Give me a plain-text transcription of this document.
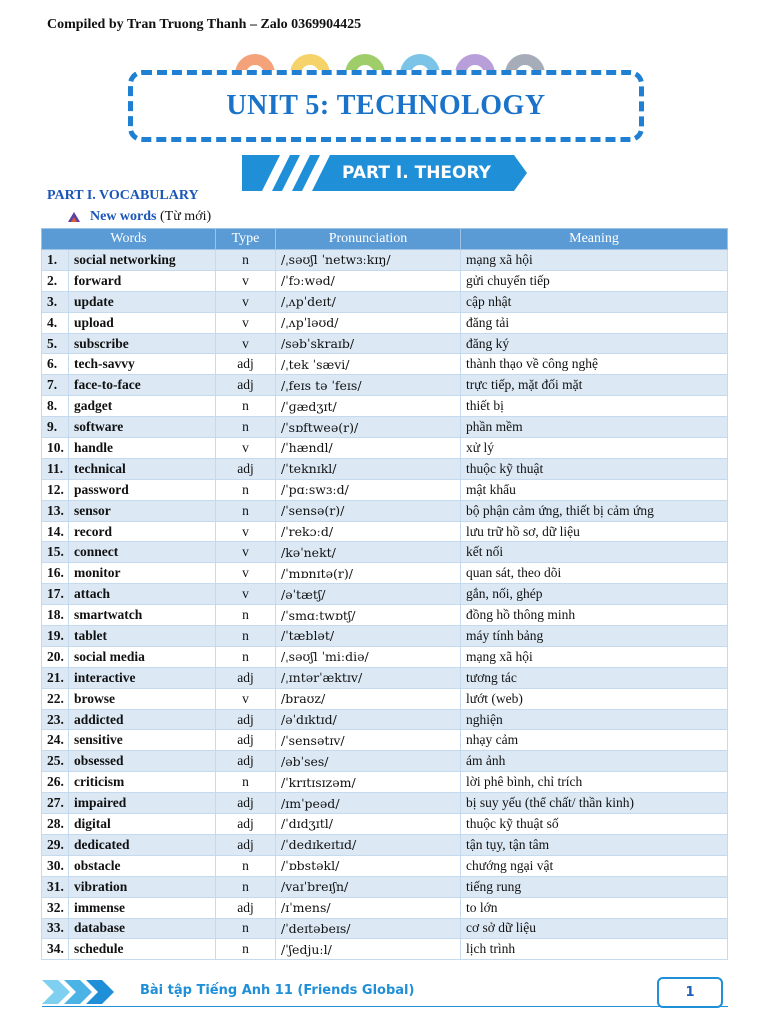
Compiled by Tran Truong Thanh – Zalo 0369904425
UNIT 5: TECHNOLOGY
PART I. THEORY
PART I. VOCABULARY
New words (Từ mới)
Words		Type	Pronunciation	Meaning
1.	social networking	n	/ˌsəʊʃl ˈnetwɜːkɪŋ/	mạng xã hội
2.	forward	v	/ˈfɔːwəd/	gửi chuyển tiếp
3.	update	v	/ˌʌpˈdeɪt/	cập nhật
4.	upload	v	/ˌʌpˈləʊd/	đăng tải
5.	subscribe	v	/səbˈskraɪb/	đăng ký
6.	tech-savvy	adj	/ˌtek ˈsævi/	thành thạo về công nghệ
7.	face-to-face	adj	/ˌfeɪs tə ˈfeɪs/	trực tiếp, mặt đối mặt
8.	gadget	n	/ˈɡædʒɪt/	thiết bị
9.	software	n	/ˈsɒftweə(r)/	phần mềm
10.	handle	v	/ˈhændl/	xử lý
11.	technical	adj	/ˈteknɪkl/	thuộc kỹ thuật
12.	password	n	/ˈpɑːswɜːd/	mật khẩu
13.	sensor	n	/ˈsensə(r)/	bộ phận cảm ứng, thiết bị cảm ứng
14.	record	v	/ˈrekɔːd/	lưu trữ hồ sơ, dữ liệu
15.	connect	v	/kəˈnekt/	kết nối
16.	monitor	v	/ˈmɒnɪtə(r)/	quan sát, theo dõi
17.	attach	v	/əˈtætʃ/	gắn, nối, ghép
18.	smartwatch	n	/ˈsmɑːtwɒtʃ/	đồng hồ thông minh
19.	tablet	n	/ˈtæblət/	máy tính bảng
20.	social media	n	/ˌsəʊʃl ˈmiːdiə/	mạng xã hội
21.	interactive	adj	/ˌɪntərˈæktɪv/	tương tác
22.	browse	v	/braʊz/	lướt (web)
23.	addicted	adj	/əˈdɪktɪd/	nghiện
24.	sensitive	adj	/ˈsensətɪv/	nhạy cảm
25.	obsessed	adj	/əbˈses/	ám ảnh
26.	criticism	n	/ˈkrɪtɪsɪzəm/	lời phê bình, chỉ trích
27.	impaired	adj	/ɪmˈpeəd/	bị suy yếu (thể chất/ thần kinh)
28.	digital	adj	/ˈdɪdʒɪtl/	thuộc kỹ thuật số
29.	dedicated	adj	/ˈdedɪkeɪtɪd/	tận tụy, tận tâm
30.	obstacle	n	/ˈɒbstəkl/	chướng ngại vật
31.	vibration	n	/vaɪˈbreɪʃn/	tiếng rung
32.	immense	adj	/ɪˈmens/	to lớn
33.	database	n	/ˈdeɪtəbeɪs/	cơ sở dữ liệu
34.	schedule	n	/ˈʃedjuːl/	lịch trình
Bài tập Tiếng Anh 11 (Friends Global)	1
